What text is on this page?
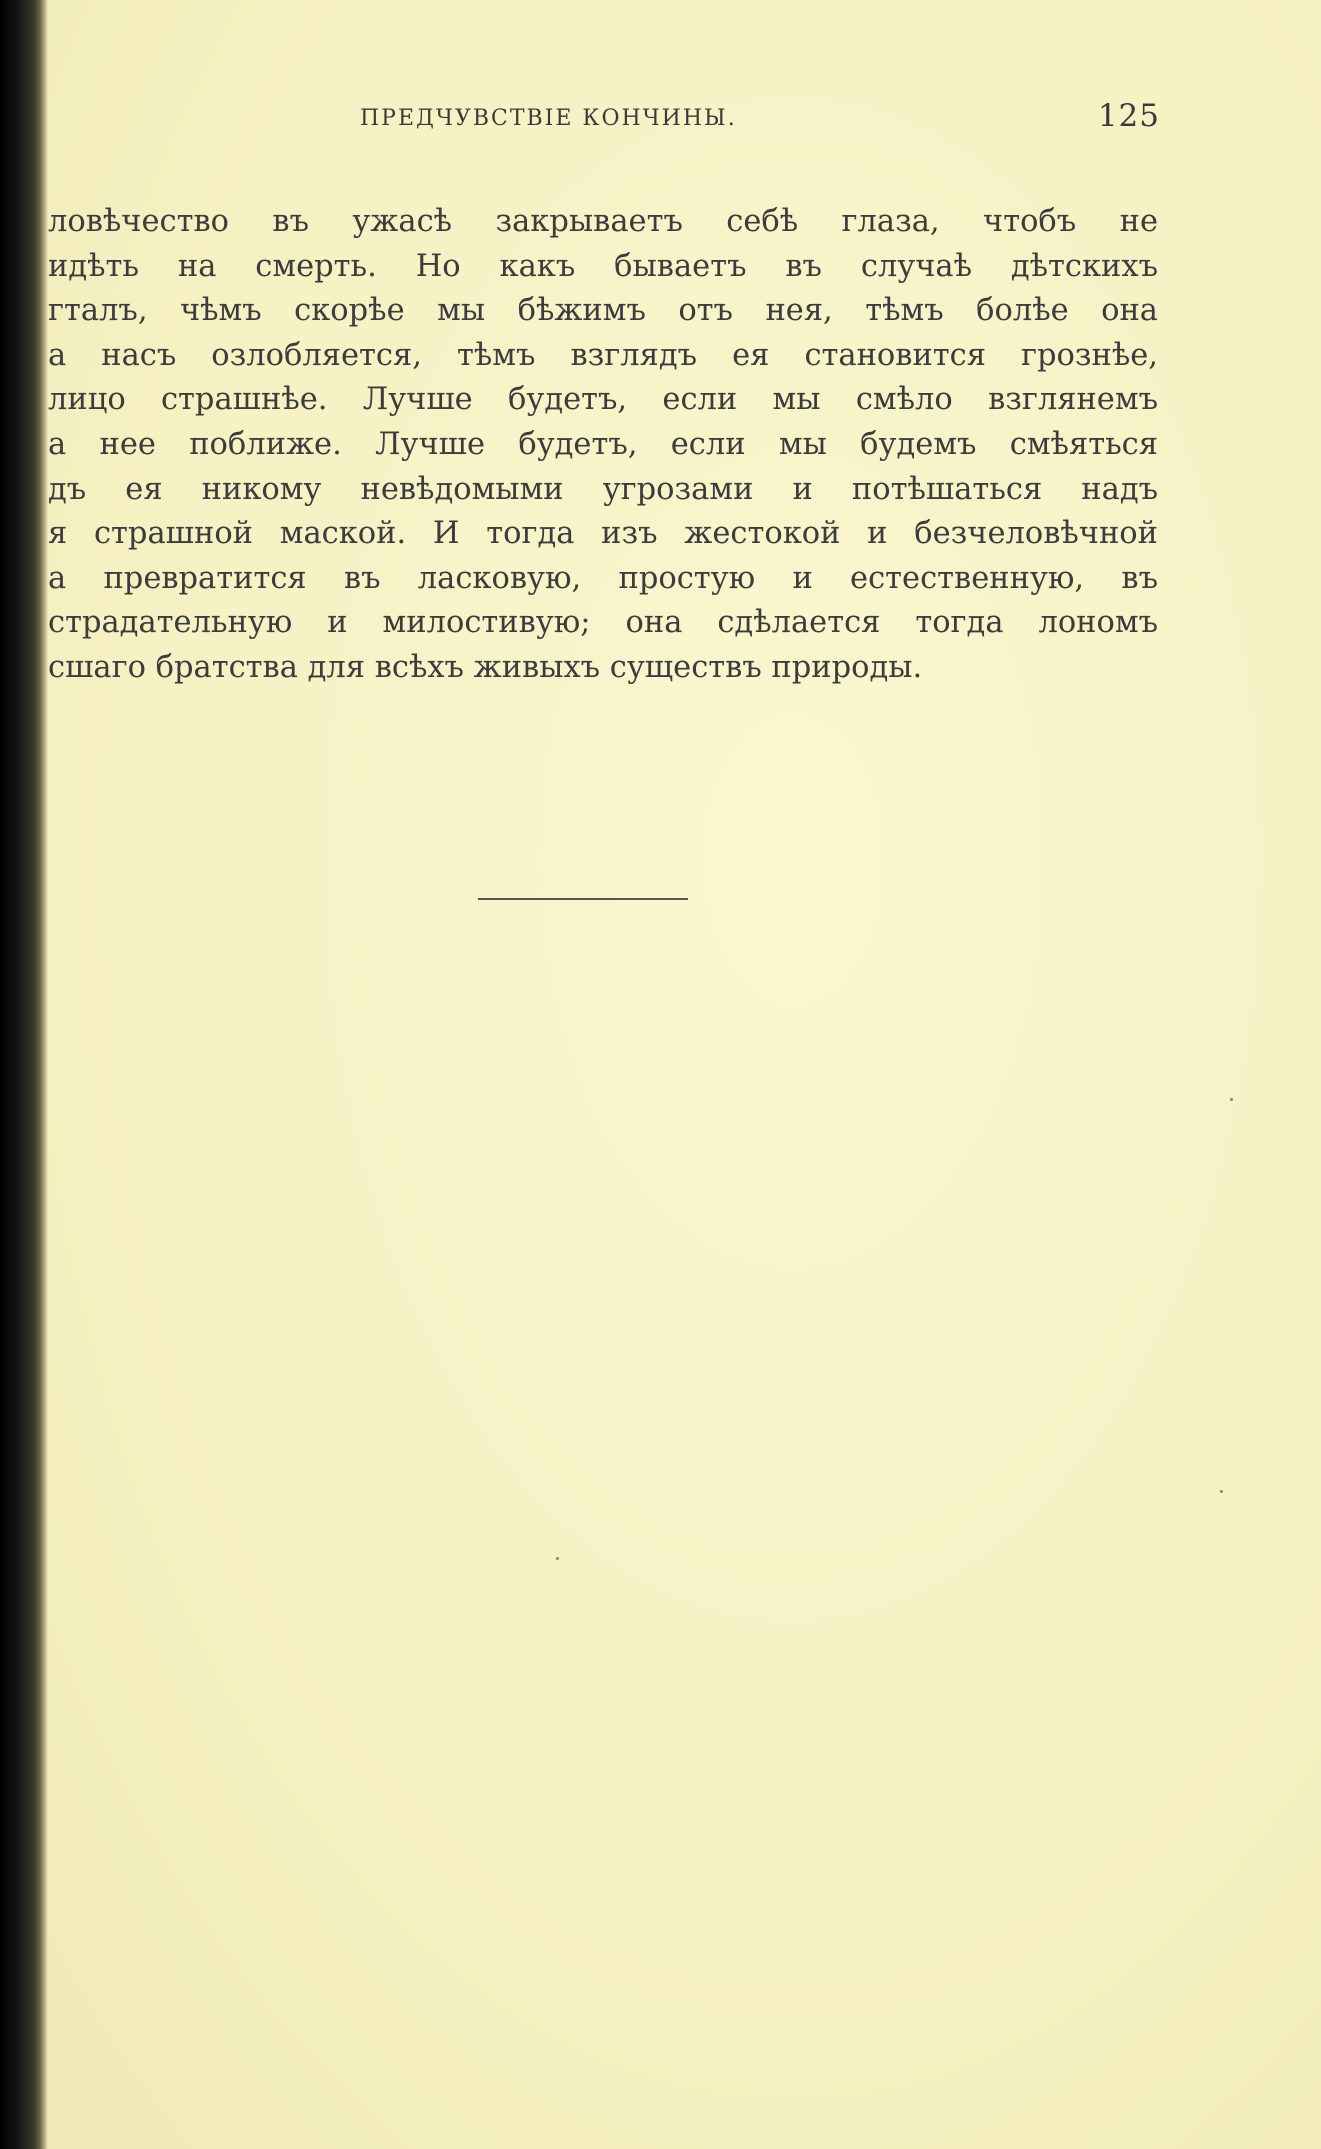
ПРЕДЧУВСТВІЕ КОНЧИНЫ.	125
ловѣчество въ ужасѣ закрываетъ себѣ глаза, чтобъ не
идѣть на смерть. Но какъ бываетъ въ случаѣ дѣтскихъ
гталъ, чѣмъ скорѣе мы бѣжимъ отъ нея, тѣмъ болѣе она
а насъ озлобляется, тѣмъ взглядъ ея становится грознѣе,
лицо страшнѣе. Лучше будетъ, если мы смѣло взглянемъ
а нее поближе. Лучше будетъ, если мы будемъ смѣяться
дъ ея никому невѣдомыми угрозами и потѣшаться надъ
я страшной маской. И тогда изъ жестокой и безчеловѣчной
а превратится въ ласковую, простую и естественную, въ
страдательную и милостивую; она сдѣлается тогда лономъ
сшаго братства для всѣхъ живыхъ существъ природы.
